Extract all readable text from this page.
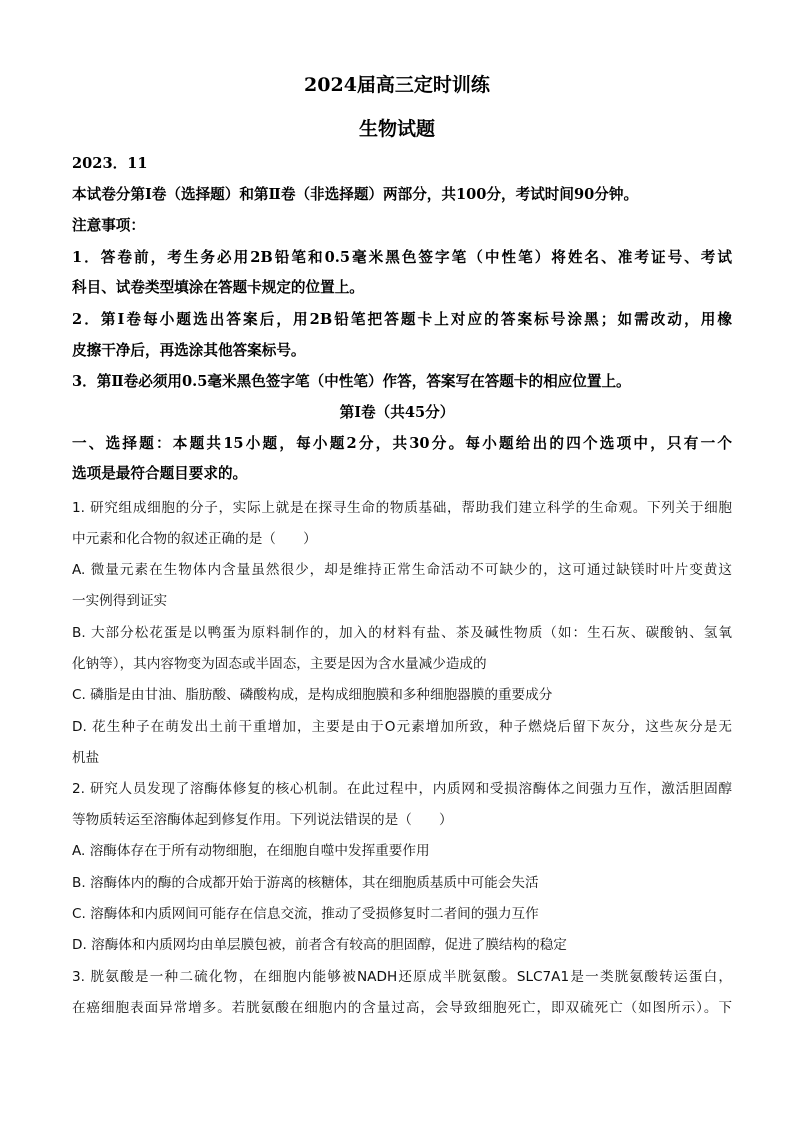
2024届高三定时训练
生物试题
2023．11
本试卷分第Ⅰ卷（选择题）和第Ⅱ卷（非选择题）两部分，共100分，考试时间90分钟。
注意事项：
1．答卷前，考生务必用2B铅笔和0.5毫米黑色签字笔（中性笔）将姓名、准考证号、考试
科目、试卷类型填涂在答题卡规定的位置上。
2．第Ⅰ卷每小题选出答案后，用2B铅笔把答题卡上对应的答案标号涂黑；如需改动，用橡
皮擦干净后，再选涂其他答案标号。
3．第Ⅱ卷必须用0.5毫米黑色签字笔（中性笔）作答，答案写在答题卡的相应位置上。
第Ⅰ卷（共45分）
一、选择题：本题共15小题，每小题2分，共30分。每小题给出的四个选项中，只有一个
选项是最符合题目要求的。
1. 研究组成细胞的分子，实际上就是在探寻生命的物质基础，帮助我们建立科学的生命观。下列关于细胞
中元素和化合物的叙述正确的是（　　）
A. 微量元素在生物体内含量虽然很少，却是维持正常生命活动不可缺少的，这可通过缺镁时叶片变黄这
一实例得到证实
B. 大部分松花蛋是以鸭蛋为原料制作的，加入的材料有盐、茶及碱性物质（如：生石灰、碳酸钠、氢氧
化钠等），其内容物变为固态或半固态，主要是因为含水量减少造成的
C. 磷脂是由甘油、脂肪酸、磷酸构成，是构成细胞膜和多种细胞器膜的重要成分
D. 花生种子在萌发出土前干重增加，主要是由于O元素增加所致，种子燃烧后留下灰分，这些灰分是无
机盐
2. 研究人员发现了溶酶体修复的核心机制。在此过程中，内质网和受损溶酶体之间强力互作，激活胆固醇
等物质转运至溶酶体起到修复作用。下列说法错误的是（　　）
A. 溶酶体存在于所有动物细胞，在细胞自噬中发挥重要作用
B. 溶酶体内的酶的合成都开始于游离的核糖体，其在细胞质基质中可能会失活
C. 溶酶体和内质网间可能存在信息交流，推动了受损修复时二者间的强力互作
D. 溶酶体和内质网均由单层膜包被，前者含有较高的胆固醇，促进了膜结构的稳定
3. 胱氨酸是一种二硫化物，在细胞内能够被NADH还原成半胱氨酸。SLC7A1是一类胱氨酸转运蛋白，
在癌细胞表面异常增多。若胱氨酸在细胞内的含量过高，会导致细胞死亡，即双硫死亡（如图所示）。下
